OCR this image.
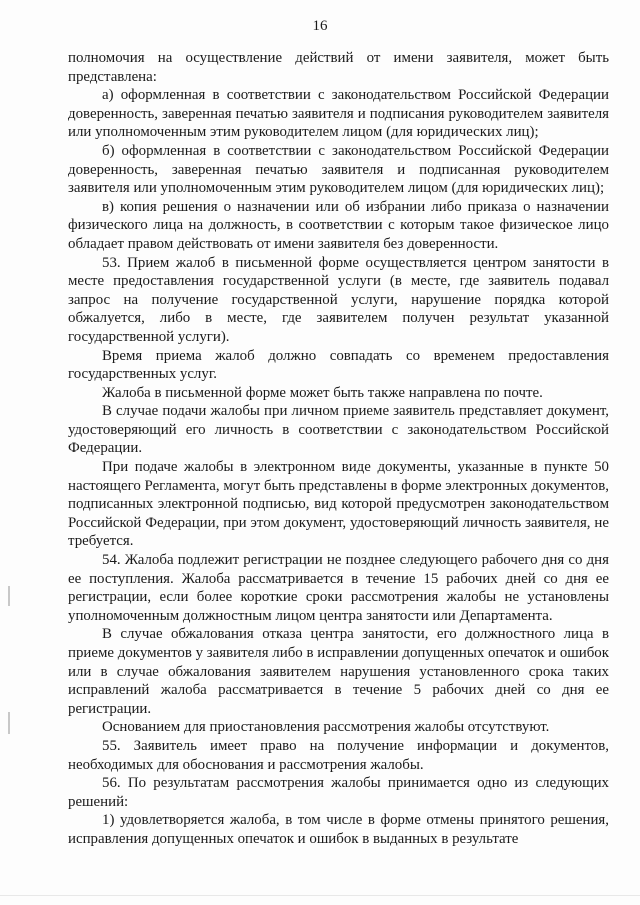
16

полномочия на осуществление действий от имени заявителя, может быть представлена:

а) оформленная в соответствии с законодательством Российской Федерации доверенность, заверенная печатью заявителя и подписания руководителем заявителя или уполномоченным этим руководителем лицом (для юридических лиц);

б) оформленная в соответствии с законодательством Российской Федерации доверенность, заверенная печатью заявителя и подписанная руководителем заявителя или уполномоченным этим руководителем лицом (для юридических лиц);

в) копия решения о назначении или об избрании либо приказа о назначении физического лица на должность, в соответствии с которым такое физическое лицо обладает правом действовать от имени заявителя без доверенности.

53. Прием жалоб в письменной форме осуществляется центром занятости в месте предоставления государственной услуги (в месте, где заявитель подавал запрос на получение государственной услуги, нарушение порядка которой обжалуется, либо в месте, где заявителем получен результат указанной государственной услуги).

Время приема жалоб должно совпадать со временем предоставления государственных услуг.

Жалоба в письменной форме может быть также направлена по почте.

В случае подачи жалобы при личном приеме заявитель представляет документ, удостоверяющий его личность в соответствии с законодательством Российской Федерации.

При подаче жалобы в электронном виде документы, указанные в пункте 50 настоящего Регламента, могут быть представлены в форме электронных документов, подписанных электронной подписью, вид которой предусмотрен законодательством Российской Федерации, при этом документ, удостоверяющий личность заявителя, не требуется.

54. Жалоба подлежит регистрации не позднее следующего рабочего дня со дня ее поступления. Жалоба рассматривается в течение 15 рабочих дней со дня ее регистрации, если более короткие сроки рассмотрения жалобы не установлены уполномоченным должностным лицом центра занятости или Департамента.

В случае обжалования отказа центра занятости, его должностного лица в приеме документов у заявителя либо в исправлении допущенных опечаток и ошибок или в случае обжалования заявителем нарушения установленного срока таких исправлений жалоба рассматривается в течение 5 рабочих дней со дня ее регистрации.

Основанием для приостановления рассмотрения жалобы отсутствуют.

55. Заявитель имеет право на получение информации и документов, необходимых для обоснования и рассмотрения жалобы.

56. По результатам рассмотрения жалобы принимается одно из следующих решений:

1) удовлетворяется жалоба, в том числе в форме отмены принятого решения, исправления допущенных опечаток и ошибок в выданных в результате
